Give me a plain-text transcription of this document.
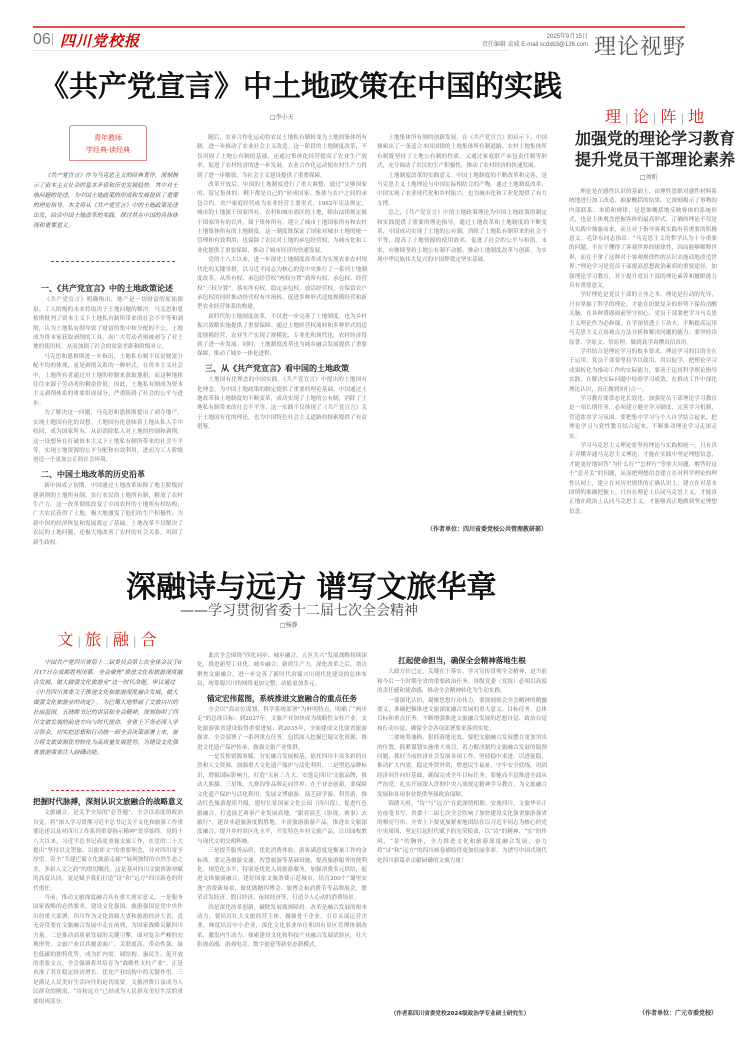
06 四川党校报	2025年9月15日
责任编辑 袁威 E-mail scdxb3@126.com 理论视野
《共产党宣言》中土地政策在中国的实践
□李小天
青年教师
学经典·读经典

《共产党宣言》作为马克思主义的经典著作，深刻揭示了资本主义社会的基本矛盾和历史发展趋势，其中对土地问题的论述，为中国土地政策的形成和发展提供了重要的理论指导。本文将从《共产党宣言》中的土地政策论述出发，结合中国土地改革的实践，探讨其在中国的具体体现和重要意义。

一、《共产党宣言》中的土地政策论述

《共产党宣言》明确指出，地产是一切财富的原始源泉。工人阶级的未来将取决于土地问题的解决。马克思和恩格斯批判了资本主义下土地私有制所带来的社会不平等和剥削，认为土地私有制导致了财富的集中和分配的不公。土地成为资本家获取剥削的工具，而广大劳动者则被剥夺了对土地的使用权，从而加剧了社会的贫富差距和阶级对立。

马克思和恩格斯进一步指出，土地私有制不仅是财富分配不均的体现，更是剥削关系的一种形式。在资本主义社会中，土地所有者通过对土地的控制来获取地租，而这种地租往往来源于劳动者的剩余价值。因此，土地私有制成为资本主义剥削体系的重要组成部分，严重阻碍了社会的公平与进步。

为了解决这一问题，马克思和恩格斯提出了剥夺地产，实现土地国有化的设想。土地国有化意味着土地从私人手中收回，成为国家所有，从而消除私人对土地的控制和剥削。这一设想旨在打破资本主义下土地私有制所带来的社会不平等，实现土地资源的公平分配和有效利用，进而为工人阶级创造一个更加公正的社会环境。

二、中国土地改革的历史沿革

新中国成立初期，中国通过土地改革废除了地主阶级封建剥削的土地所有制，实行农民的土地所有制，解放了农村生产力。这一改革彻底改变了中国农村的土地所有权结构，广大农民获得了土地，极大地激发了他们的生产积极性，为新中国的经济恢复和发展奠定了基础。土地改革不仅解决了农民的土地问题，还极大地改善了农村的社会关系，巩固了新生政权。

随后，农业合作化运动将农民土地私有制转变为土地的集体所有制，进一步推动了农业社会主义改造。这一阶段的土地制度改革，不仅巩固了土地公有制的基础，还通过集体化经营提高了农业生产效率，促进了农村经济的进一步发展。农业合作化运动使农村生产力得到了进一步解放，为社会主义建设提供了重要保障。

改革开放后，中国的土地制度进行了重大调整，通过“交够国家的、留足集体的，剩下都是自己的”形成国家、集体与农户之间的承包合约。农户家庭经营成为农业经营主要形式。1982年宪法规定，城市的土地属于国家所有，农村和城市郊区的土地，除由法律规定属于国家所有的以外，属于集体所有，建立了城市土地国家所有和农村土地集体所有的土地制度。这一制度既保证了国家对城市土地的统一管理和有效利用，也保障了农民对土地的承包经营权，为城市化和工业化提供了重要保障，推动了城市经济的快速发展。

党的十八大以来，进一步深化土地制度改革成为实现农业农村现代化的关键举措。以习近平同志为核心的党中央推行了一系列土地制度改革，从所有权、承包经营权“两权分置”到所有权、承包权、经营权“三权分置”，落实所有权，稳定承包权，放活经营权，在保留农户承包权的同时推动经营权有序流转，促进多种形式适度规模经营和新型农业经营体系的构建。

新时代的土地制度改革，不仅进一步完善了土地制度，也为乡村振兴战略实施提供了重要保障。通过土地经营权流转和多种形式的适度规模经营，农业生产实现了规模化、专业化和现代化，农村经济得到了进一步发展。同时，土地制度改革也为城乡融合发展提供了重要保障，推动了城乡一体化进程。

三、从《共产党宣言》看中国的土地政策

土地国有化理念的中国实践。《共产党宣言》中提出的土地国有化理念，为中国土地政策的制定提供了重要的理论基础。中国通过土地改革和土地制度的不断变革，成功实现了土地的公有制，消除了土地私有制带来的社会不平等。这一实践不仅体现了《共产党宣言》关于土地国有化的理论，也为中国特色社会主义道路的探索提供了有益借鉴。

土地集体所有制的创新发展。在《共产党宣言》的启示下，中国探索出了一条适合本国国情的土地集体所有制道路。农村土地集体所有制既坚持了土地公有制的性质，又通过家庭联产承包责任制等形式，充分调动了农民的生产积极性，推动了农村经济的快速发展。

土地制度改革的实践意义。中国土地制度的不断改革和完善，是马克思主义土地理论与中国实际相结合的产物。通过土地制度改革，中国实现了农业现代化和乡村振兴，也为城市化和工业化提供了有力支撑。

总之，《共产党宣言》中的土地政策理论为中国土地政策的制定和实践提供了重要的理论指导。通过土地改革和土地制度的不断变革，中国成功实现了土地的公有制，消除了土地私有制带来的社会不平等，提高了土地资源的使用效率，促进了社会的公平与和谐。未来，应继续坚持土地公有制不动摇，推动土地制度改革与创新，为实现中华民族伟大复兴的中国梦奠定坚实基础。

（作者单位：四川省委党校公共管理教研部）
理 | 论 | 阵 | 地
加强党的理论学习教育
提升党员干部理论素养
□刘昕

理论是在感性认识的基础上，由理性思维对感性材料系统地进行加工改造、抽象概括的结果。它深刻揭示了事物的内部联系、本质和规律，是思维概括地反映客体的系统形式，也是主体观念把握客体的最高形式。正确的理论不仅是从实践中抽象而来，而且对于指导客观实践有着重要的积极意义。毛泽东同志指出：“马克思主义的哲学认为十分重要的问题，不在于懂得了客观世界的规律性，因而能够解释世界，而在于拿了这种对于客观规律性的认识去能动地改造世界。”理论学习是党员干部提高思想政治素质的重要途径，加强理论学习教育，对于提升党员干部的理论素养和履职能力具有重要意义。

学好理论是党员干部的立身之本。理论是行动的先导，只有掌握了科学的理论，才能在纷繁复杂的形势下保持清醒头脑，在各种诱惑面前坚守初心。党员干部要把学习马克思主义理论作为必修课，在学深悟透上下功夫，不断提高运用马克思主义立场观点方法分析和解决问题的能力。要坚持读原著、学原文、悟原理，做到真学真懂真信真用。

学用结合是理论学习的根本要求。理论学习的目的全在于运用。党员干部要坚持学以致用、用以促学，把理论学习成果转化为推动工作的实际能力。要善于运用科学理论指导实践，在解决实际问题中检验学习成效，在推动工作中深化理论认识，真正做到知行合一。

学习教育要常态化长效化。加强党员干部理论学习教育是一项长期任务，必须建立健全学习制度，完善学习机制，营造浓厚学习氛围。要把集中学习与个人自学结合起来，把理论学习与党性教育结合起来，不断推动理论学习走深走实。

学习马克思主义理论要坚持理论与实践相统一。只有真正弄懂弄通马克思主义理论，才能在实践中坚定理想信念，才能更好地回答“为什么行”“怎样行”等重大问题，解答好这个“总开关”的问题，从而把理想信念建立在对科学理论的理性认同上，建立在对历史规律的正确认识上，建立在对基本国情的准确把握上。只有在理论上认同马克思主义，才能真正地在政治上认同马克思主义，才能够真正地做到坚定理想信念。

（作者单位：广元市委党校）
深融诗与远方 谱写文旅华章
——学习贯彻省委十二届七次全会精神
□杨静
文 | 旅 | 融 | 合

中国共产党四川省第十二届委员会第七次全体会议于6月17日在成都胜利闭幕。全会聚焦“推进文化和旅游深度融合发展、做大做强文化旅游业”这一时代命题，审议通过《中共四川省委关于推进文化和旅游深度融合发展、做大做强文化旅游业的决定》，为巴蜀大地擘画了文旅兴川的壮丽蓝图。五晓晖书记的讲话和全会精神，深刻指明了四川文旅发展的前进方向与时代使命。全省上下务必深入学习领会，切实把思想和行动统一到全会决策部署上来，奋力将文旅资源优势转化为高质量发展胜势，为建设文化强省旅游强省注入磅礴动能。

把握时代脉搏，深刻认识文旅融合的战略意义

文旅融合，是关乎全局的“必答题”。全会以高度的政治自觉，将“深入学习贯彻习近平总书记关于文化和旅游工作重要论述以及对四川工作系列重要指示精神”贯穿始终。党的十八大以来，习近平总书记高度重视文旅工作，在党的二十大提出“坚持以文塑旅、以旅彰文”的重要理念，并对四川寄予厚望，寄予“共建巴蜀文化旅游走廊”“展现独特的自然生态之美、多彩人文之韵”的殷切嘱托。这是基对四川文旅资源禀赋的高度认同，更是赋予我们打造“诗”和“远方”四川新卷的时代重任。

当前，推动文旅深度融合具有重大现实意义。一是服务国家战略的必然要求。建设文化强国、旅游强国是党中央作出的重大部署，四川作为文化资源大省和旅游经济大省，责无旁贷要在文旅融合发展中走在前列，为国家战略贡献四川力量。二是推动高质量发展的关键引擎。面对复杂严峻的宏观形势，文旅产业以其覆盖面广、关联度高、带动性强、绿色低碳的独特优势，成为扩内需、调结构、惠民生、促开放的重要支点。全会强调将其培育为“战略性支柱产业”，正是看准了其在稳定经济增长、优化产业结构中的关键作用。三是满足人民美好生活向往的迫切需要。文旅消费日益成为人民群众的刚需，“诗和远方”已经成为人民群众美好生活的重要组成部分。

此次全会围绕“四化同步、城乡融合、五区共兴”发展战略持续深化，推进新型工业化、城乡融合、新质生产力、深化改革之后，重点聚焦文旅融合，进一步完善了新时代治蜀兴川现代化建设的总体布局，统筹蜀兴川的网络更加完整、动能更加多元。

锚定宏伟蓝图，系统推进文旅融合的重点任务

全会以“高站位谋划、科学系统部署”为鲜明特点，明确了“两步走”的总体目标：到2027年，文旅产业加快成为战略性支柱产业，文化旅游强省建设取得重要进展；到2035年，全面建成文化强省旅游强省。全会部署了一系列重点任务，包括深入挖掘巴蜀文化资源，推进文化遗产保护传承，做强文旅产业集群。

一是发挥资源禀赋，夯实融合发展根基。依托四川丰富多彩的自然和人文资源，加强重大文化遗产保护与活化利用。二是塑造品牌标识，增强国际影响力。打造“天府三九大、安逸走四川”文旅品牌，推动大熊猫、三星堆、九寨沟等品牌走向世界。在于业态创新，要保障文化遗产保护与活化利用，发展文博旅游、演艺研学游、科普游，推动红色旅游提质升级，建好长征国家文化公园（四川段），促进红色旅融合，打造演艺赛事产业发展高地，“跟着演艺（影视、赛事）去旅行”，建设非遗旅游度假胜地，丰富旅游旅游产品，推进农文旅深度融合，提升乡村景区化水平，开发特色乡村文旅产品，让田园牧歌与现代文明交相辉映。

三是提升服务品质，优化消费体验。游客满意度是衡量工作的金标准。要完善旅游交通、智慧旅游等基础设施，提高旅游服务的便利化、规范化水平，特别是优化入境旅游服务，加强消费多元供给，促进文体旅商融合，建好国家文旅消费示范城市，培育200个“蜀里安逸”消费新场景，做优做精四博会、旅博会和消费节等品牌展会，繁荣首发经济、假日经济、夜间经济等，打造令人心动的消费场景。

四是深化改革创新，破除发展瓶颈障碍。改革是融合发展的根本动力。要培育壮大文旅经营主体，做强骨干企业，引育头部运营企业，梯度培育中小企业，深化文化事业单位和国有景区管理体制改革，激发内生动力。探索建设文化和科技产业融合发展试验区，壮大影视动漫、游戏电竞、数字创意等新业态新模式。

扛起使命担当，确保全会精神落地生根

大政方针已定，关键在于落实。学习宣传贯彻全会精神，是当前和今后一个时期全省的重要政治任务。各级党委（党组）必须以高度的责任感和使命感，推动全会精神转化为生动实践。

一要深化认识，凝聚思想行动伟力。要深刻领会全会精神的精髓要义，准确把握推进文旅深度融合发展的重大意义、目标任务、总体目标和重点任务，不断增强推进文旅融合发展的思想自觉、政治自觉和行动自觉，确保全会各项部署要求落到实处。

二要统筹兼顾，狠抓落地见效。要把文旅融合发展摆在更加突出的位置，抓紧谋划实施重大项目，着力解决制约文旅融合发展的瓶颈问题，抓好当前经济社会发展各项工作，坚持稳中求进、以进促稳，推动扩大内需，稳定外贸外资，增进民生福祉，守牢安全底线，巩固经济回升向好基础，确保完成全年目标任务。要驰而不息推进全面从严治党，扎实开展深入贯彻中央八项规定精神学习教育，为文旅融合发展和各项事业提供坚强政治保障。

锦绣天府，“诗”与“远方”在此深情相拥。安逸四川，文旅华章正待奋笔书写。省委十二届七次全会吹响了加快建设文化强省旅游强省的嘹亮号角。全省上下要更加紧密地团结在以习近平同志为核心的党中央周围，坚定扛起时代赋予的光荣使命，以“诗”的精神、“实”的作风、“景”的胸怀，全力推进文化和旅游深度融合发展，奋力将“诗”和“远方”的四川画卷描绘得更加壮丽多彩，为谱写中国式现代化四川新篇章贡献磅礴的文旅力量！

（作者系四川省委党校2024级政治学专业硕士研究生）
